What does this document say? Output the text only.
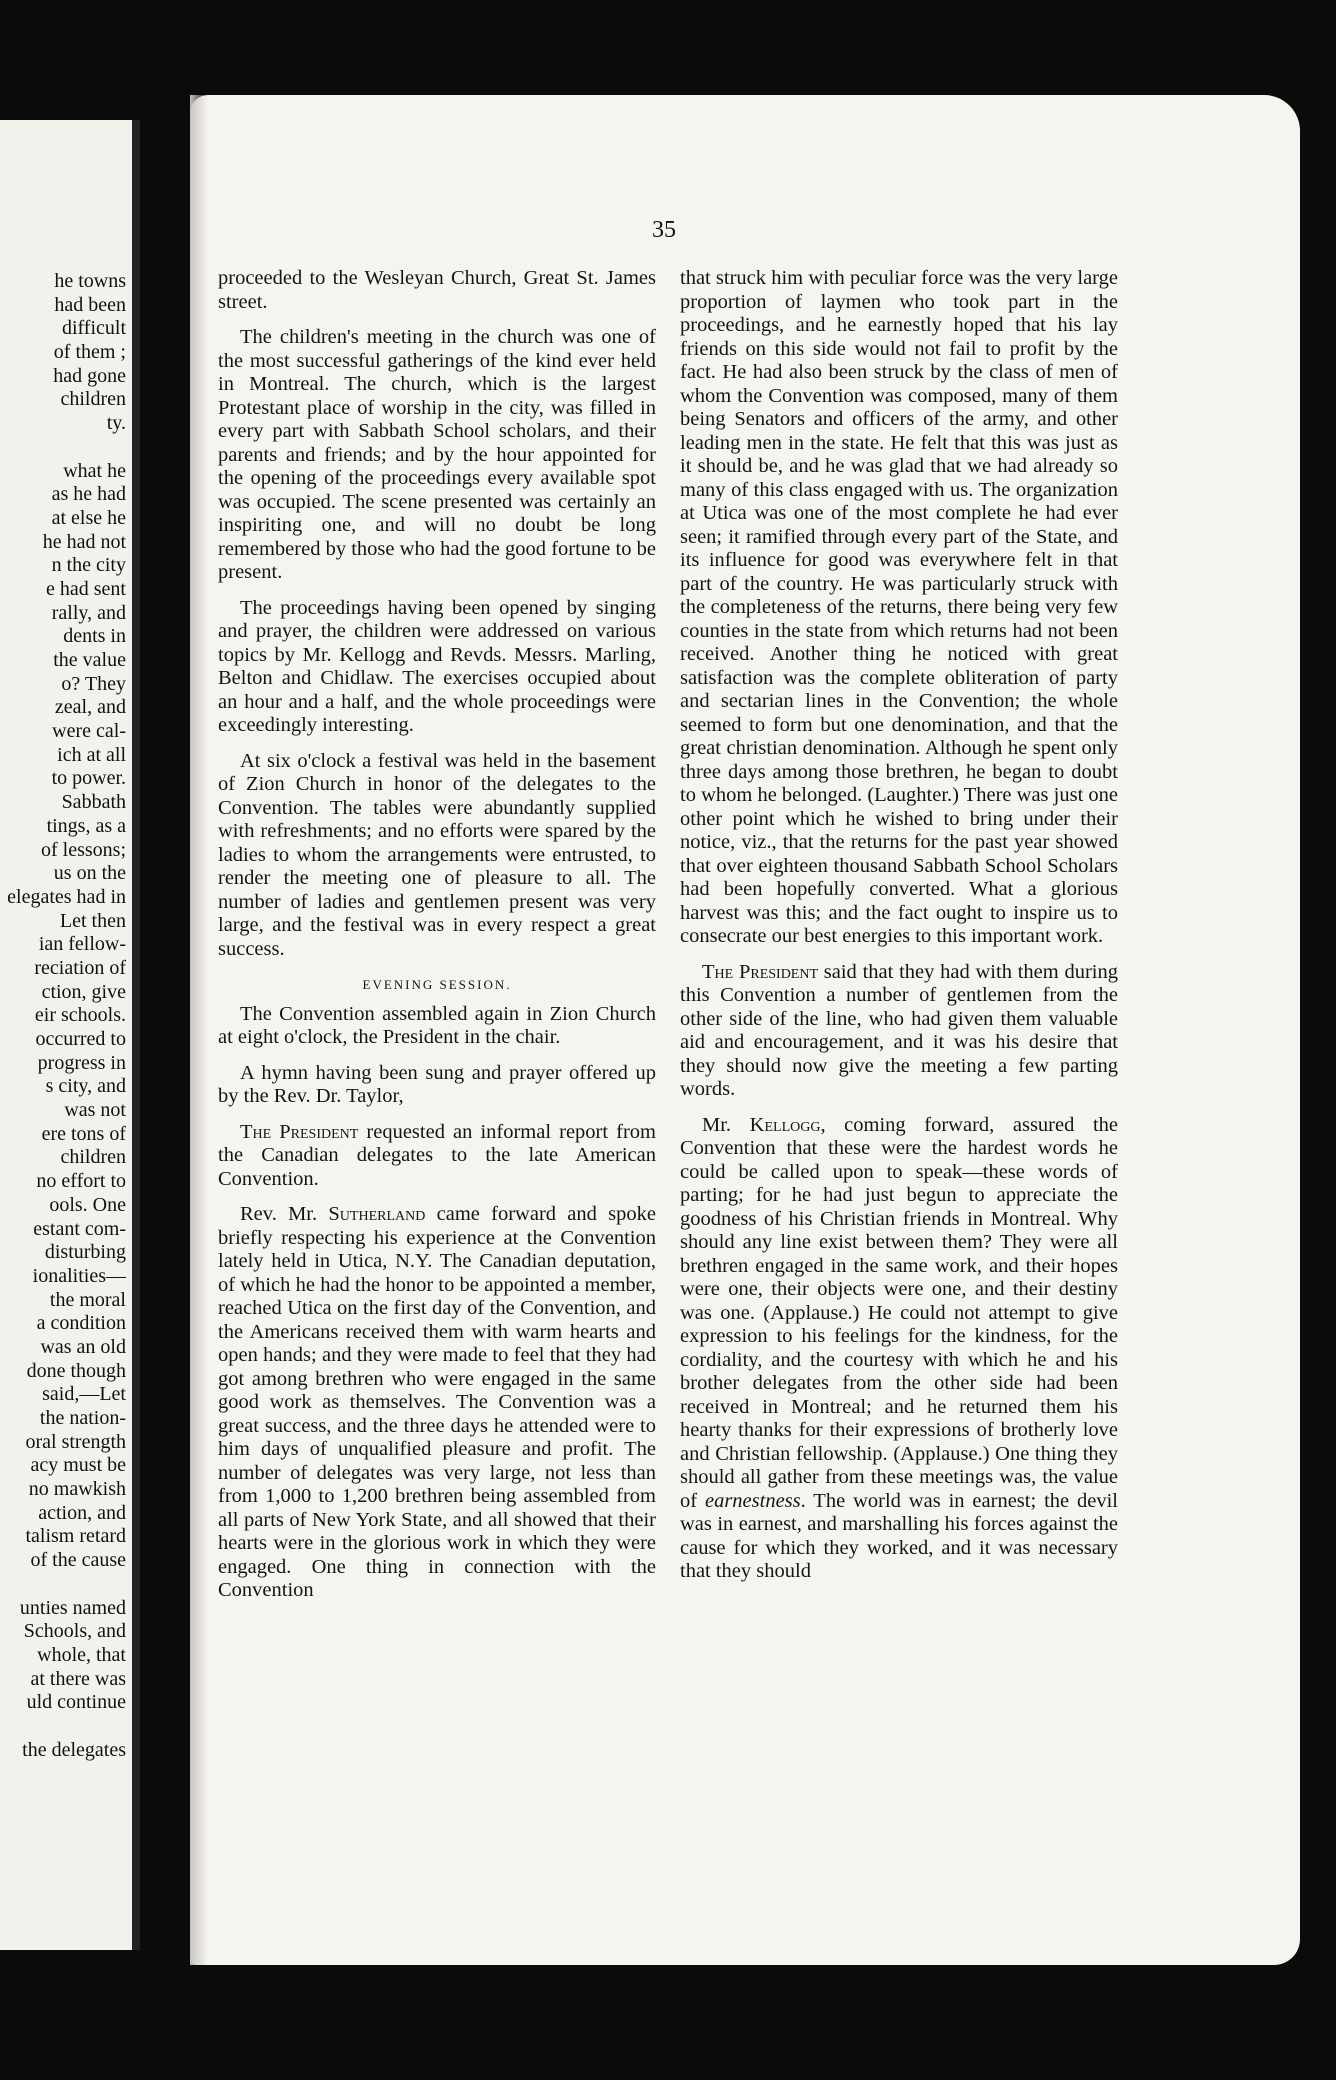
he towns
had been
difficult
of them ;
had gone
children
ty.
what he
as he had
at else he
he had not
n the city
e had sent
rally, and
dents in
the value
o? They
zeal, and
were cal-
ich at all
to power.
Sabbath
tings, as a
of lessons;
us on the
elegates had in
Let then
ian fellow-
reciation of
ction, give
eir schools.
occurred to
progress in
s city, and
was not
ere tons of
children
no effort to
ools. One
estant com-
disturbing
ionalities—
the moral
a condition
was an old
done though
said,—Let
the nation-
oral strength
acy must be
no mawkish
action, and
talism retard
of the cause
unties named
Schools, and
whole, that
at there was
uld continue
the delegates
35

proceeded to the Wesleyan Church, Great St. James street.

The children's meeting in the church was one of the most successful gatherings of the kind ever held in Montreal. The church, which is the largest Protestant place of worship in the city, was filled in every part with Sabbath School scholars, and their parents and friends; and by the hour appointed for the opening of the proceedings every available spot was occupied. The scene presented was certainly an inspiriting one, and will no doubt be long remembered by those who had the good fortune to be present.

The proceedings having been opened by singing and prayer, the children were addressed on various topics by Mr. Kellogg and Revds. Messrs. Marling, Belton and Chidlaw. The exercises occupied about an hour and a half, and the whole proceedings were exceedingly interesting.

At six o'clock a festival was held in the basement of Zion Church in honor of the delegates to the Convention. The tables were abundantly supplied with refreshments; and no efforts were spared by the ladies to whom the arrangements were entrusted, to render the meeting one of pleasure to all. The number of ladies and gentlemen present was very large, and the festival was in every respect a great success.

EVENING SESSION.

The Convention assembled again in Zion Church at eight o'clock, the President in the chair.

A hymn having been sung and prayer offered up by the Rev. Dr. Taylor,

The President requested an informal report from the Canadian delegates to the late American Convention.

Rev. Mr. Sutherland came forward and spoke briefly respecting his experience at the Convention lately held in Utica, N.Y. The Canadian deputation, of which he had the honor to be appointed a member, reached Utica on the first day of the Convention, and the Americans received them with warm hearts and open hands; and they were made to feel that they had got among brethren who were engaged in the same good work as themselves. The Convention was a great success, and the three days he attended were to him days of unqualified pleasure and profit. The number of delegates was very large, not less than from 1,000 to 1,200 brethren being assembled from all parts of New York State, and all showed that their hearts were in the glorious work in which they were engaged. One thing in connection with the Convention

that struck him with peculiar force was the very large proportion of laymen who took part in the proceedings, and he earnestly hoped that his lay friends on this side would not fail to profit by the fact. He had also been struck by the class of men of whom the Convention was composed, many of them being Senators and officers of the army, and other leading men in the state. He felt that this was just as it should be, and he was glad that we had already so many of this class engaged with us. The organization at Utica was one of the most complete he had ever seen; it ramified through every part of the State, and its influence for good was everywhere felt in that part of the country. He was particularly struck with the completeness of the returns, there being very few counties in the state from which returns had not been received. Another thing he noticed with great satisfaction was the complete obliteration of party and sectarian lines in the Convention; the whole seemed to form but one denomination, and that the great christian denomination. Although he spent only three days among those brethren, he began to doubt to whom he belonged. (Laughter.) There was just one other point which he wished to bring under their notice, viz., that the returns for the past year showed that over eighteen thousand Sabbath School Scholars had been hopefully converted. What a glorious harvest was this; and the fact ought to inspire us to consecrate our best energies to this important work.

The President said that they had with them during this Convention a number of gentlemen from the other side of the line, who had given them valuable aid and encouragement, and it was his desire that they should now give the meeting a few parting words.

Mr. Kellogg, coming forward, assured the Convention that these were the hardest words he could be called upon to speak—these words of parting; for he had just begun to appreciate the goodness of his Christian friends in Montreal. Why should any line exist between them? They were all brethren engaged in the same work, and their hopes were one, their objects were one, and their destiny was one. (Applause.) He could not attempt to give expression to his feelings for the kindness, for the cordiality, and the courtesy with which he and his brother delegates from the other side had been received in Montreal; and he returned them his hearty thanks for their expressions of brotherly love and Christian fellowship. (Applause.) One thing they should all gather from these meetings was, the value of earnestness. The world was in earnest; the devil was in earnest, and marshalling his forces against the cause for which they worked, and it was necessary that they should
